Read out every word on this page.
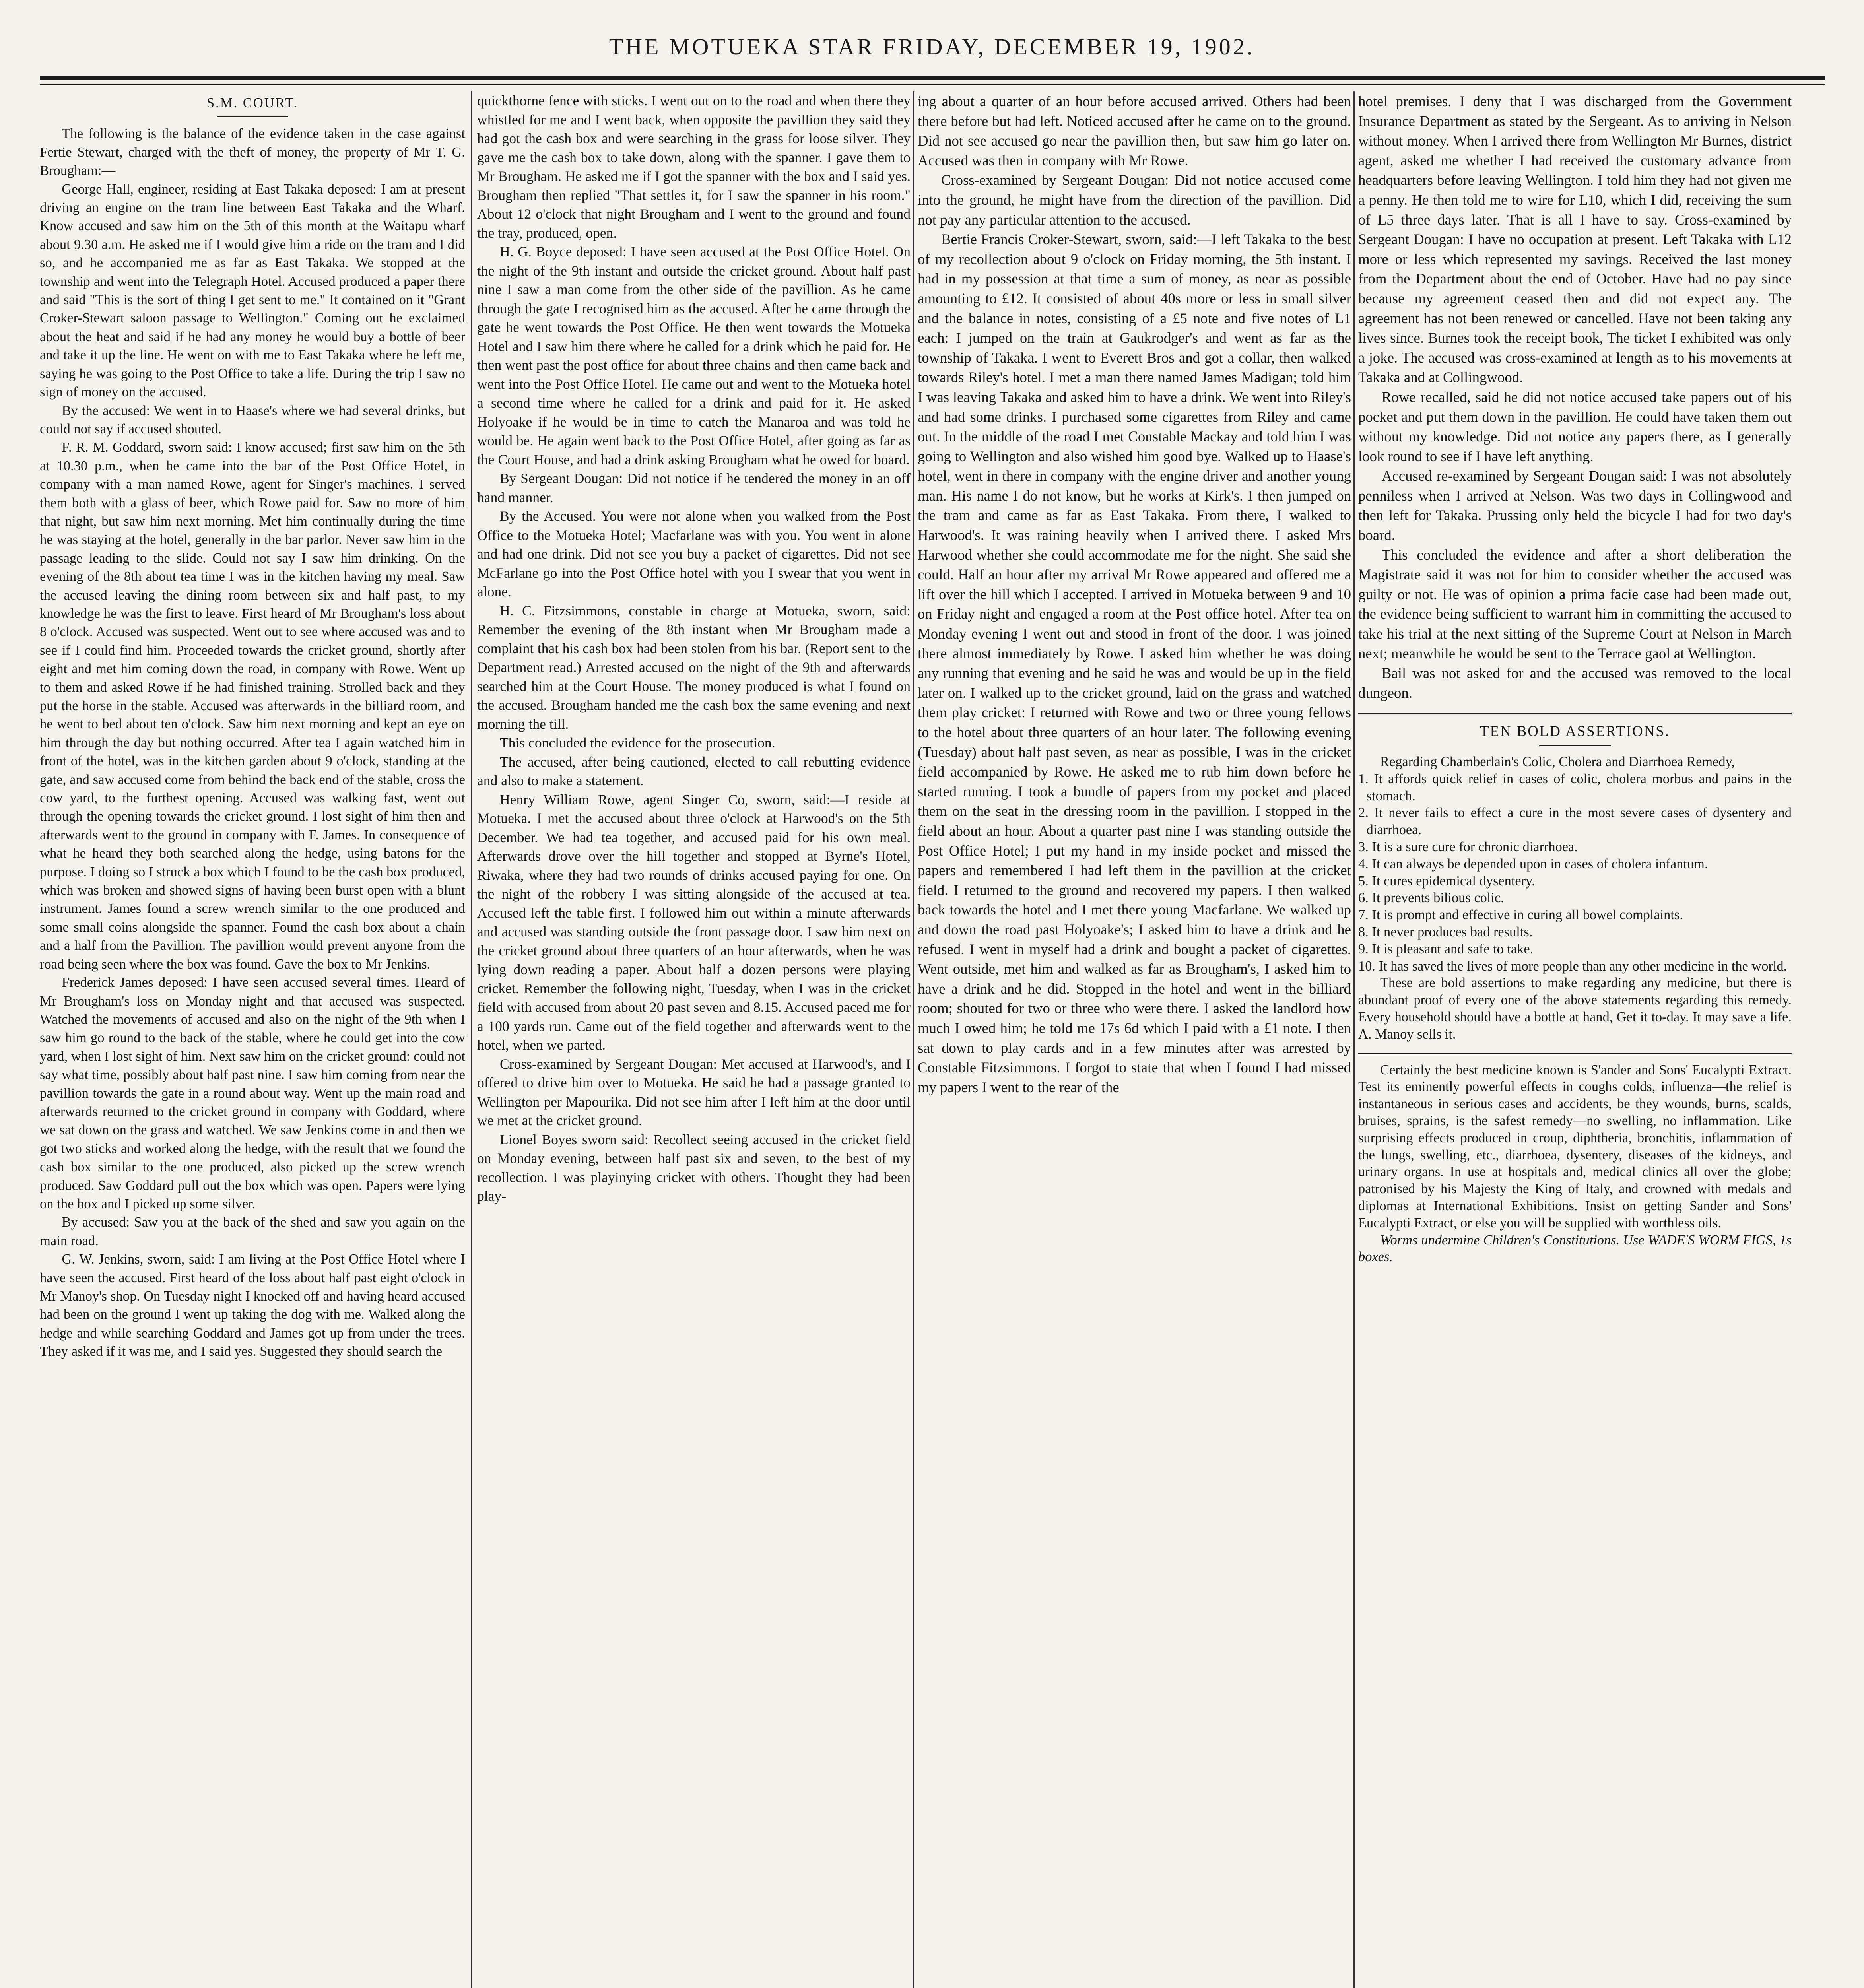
THE MOTUEKA STAR FRIDAY, DECEMBER 19, 1902.

S.M. COURT.

The following is the balance of the evidence taken in the case against Fertie Stewart, charged with the theft of money, the property of Mr T. G. Brougham:—

George Hall, engineer, residing at East Takaka deposed: I am at present driving an engine on the tram line between East Takaka and the Wharf. Know accused and saw him on the 5th of this month at the Waitapu wharf about 9.30 a.m. He asked me if I would give him a ride on the tram and I did so, and he accompanied me as far as East Takaka. We stopped at the township and went into the Telegraph Hotel. Accused produced a paper there and said "This is the sort of thing I get sent to me." It contained on it "Grant Croker-Stewart saloon passage to Wellington." Coming out he exclaimed about the heat and said if he had any money he would buy a bottle of beer and take it up the line. He went on with me to East Takaka where he left me, saying he was going to the Post Office to take a life. During the trip I saw no sign of money on the accused.

By the accused: We went in to Haase's where we had several drinks, but could not say if accused shouted.

F. R. M. Goddard, sworn said: I know accused; first saw him on the 5th at 10.30 p.m., when he came into the bar of the Post Office Hotel, in company with a man named Rowe, agent for Singer's machines. I served them both with a glass of beer, which Rowe paid for. Saw no more of him that night, but saw him next morning. Met him continually during the time he was staying at the hotel, generally in the bar parlor. Never saw him in the passage leading to the slide. Could not say I saw him drinking. On the evening of the 8th about tea time I was in the kitchen having my meal. Saw the accused leaving the dining room between six and half past, to my knowledge he was the first to leave. First heard of Mr Brougham's loss about 8 o'clock. Accused was suspected. Went out to see where accused was and to see if I could find him. Proceeded towards the cricket ground, shortly after eight and met him coming down the road, in company with Rowe. Went up to them and asked Rowe if he had finished training. Strolled back and they put the horse in the stable. Accused was afterwards in the billiard room, and he went to bed about ten o'clock. Saw him next morning and kept an eye on him through the day but nothing occurred. After tea I again watched him in front of the hotel, was in the kitchen garden about 9 o'clock, standing at the gate, and saw accused come from behind the back end of the stable, cross the cow yard, to the furthest opening. Accused was walking fast, went out through the opening towards the cricket ground. I lost sight of him then and afterwards went to the ground in company with F. James. In consequence of what he heard they both searched along the hedge, using batons for the purpose. I doing so I struck a box which I found to be the cash box produced, which was broken and showed signs of having been burst open with a blunt instrument. James found a screw wrench similar to the one produced and some small coins alongside the spanner. Found the cash box about a chain and a half from the Pavillion. The pavillion would prevent anyone from the road being seen where the box was found. Gave the box to Mr Jenkins.

Frederick James deposed: I have seen accused several times. Heard of Mr Brougham's loss on Monday night and that accused was suspected. Watched the movements of accused and also on the night of the 9th when I saw him go round to the back of the stable, where he could get into the cow yard, when I lost sight of him. Next saw him on the cricket ground: could not say what time, possibly about half past nine. I saw him coming from near the pavillion towards the gate in a round about way. Went up the main road and afterwards returned to the cricket ground in company with Goddard, where we sat down on the grass and watched. We saw Jenkins come in and then we got two sticks and worked along the hedge, with the result that we found the cash box similar to the one produced, also picked up the screw wrench produced. Saw Goddard pull out the box which was open. Papers were lying on the box and I picked up some silver.

By accused: Saw you at the back of the shed and saw you again on the main road.

G. W. Jenkins, sworn, said: I am living at the Post Office Hotel where I have seen the accused. First heard of the loss about half past eight o'clock in Mr Manoy's shop. On Tuesday night I knocked off and having heard accused had been on the ground I went up taking the dog with me. Walked along the hedge and while searching Goddard and James got up from under the trees. They asked if it was me, and I said yes. Suggested they should search the

quickthorne fence with sticks. I went out on to the road and when there they whistled for me and I went back, when opposite the pavillion they said they had got the cash box and were searching in the grass for loose silver. They gave me the cash box to take down, along with the spanner. I gave them to Mr Brougham. He asked me if I got the spanner with the box and I said yes. Brougham then replied "That settles it, for I saw the spanner in his room." About 12 o'clock that night Brougham and I went to the ground and found the tray, produced, open.

H. G. Boyce deposed: I have seen accused at the Post Office Hotel. On the night of the 9th instant and outside the cricket ground. About half past nine I saw a man come from the other side of the pavillion. As he came through the gate I recognised him as the accused. After he came through the gate he went towards the Post Office. He then went towards the Motueka Hotel and I saw him there where he called for a drink which he paid for. He then went past the post office for about three chains and then came back and went into the Post Office Hotel. He came out and went to the Motueka hotel a second time where he called for a drink and paid for it. He asked Holyoake if he would be in time to catch the Manaroa and was told he would be. He again went back to the Post Office Hotel, after going as far as the Court House, and had a drink asking Brougham what he owed for board.

By Sergeant Dougan: Did not notice if he tendered the money in an off hand manner.

By the Accused. You were not alone when you walked from the Post Office to the Motueka Hotel; Macfarlane was with you. You went in alone and had one drink. Did not see you buy a packet of cigarettes. Did not see McFarlane go into the Post Office hotel with you I swear that you went in alone.

H. C. Fitzsimmons, constable in charge at Motueka, sworn, said: Remember the evening of the 8th instant when Mr Brougham made a complaint that his cash box had been stolen from his bar. (Report sent to the Department read.) Arrested accused on the night of the 9th and afterwards searched him at the Court House. The money produced is what I found on the accused. Brougham handed me the cash box the same evening and next morning the till.

This concluded the evidence for the prosecution.

The accused, after being cautioned, elected to call rebutting evidence and also to make a statement.

Henry William Rowe, agent Singer Co, sworn, said:—I reside at Motueka. I met the accused about three o'clock at Harwood's on the 5th December. We had tea together, and accused paid for his own meal. Afterwards drove over the hill together and stopped at Byrne's Hotel, Riwaka, where they had two rounds of drinks accused paying for one. On the night of the robbery I was sitting alongside of the accused at tea. Accused left the table first. I followed him out within a minute afterwards and accused was standing outside the front passage door. I saw him next on the cricket ground about three quarters of an hour afterwards, when he was lying down reading a paper. About half a dozen persons were playing cricket. Remember the following night, Tuesday, when I was in the cricket field with accused from about 20 past seven and 8.15. Accused paced me for a 100 yards run. Came out of the field together and afterwards went to the hotel, when we parted.

Cross-examined by Sergeant Dougan: Met accused at Harwood's, and I offered to drive him over to Motueka. He said he had a passage granted to Wellington per Mapourika. Did not see him after I left him at the door until we met at the cricket ground.

Lionel Boyes sworn said: Recollect seeing accused in the cricket field on Monday evening, between half past six and seven, to the best of my recollection. I was playinying cricket with others. Thought they had been play-

ing about a quarter of an hour before accused arrived. Others had been there before but had left. Noticed accused after he came on to the ground. Did not see accused go near the pavillion then, but saw him go later on. Accused was then in company with Mr Rowe.

Cross-examined by Sergeant Dougan: Did not notice accused come into the ground, he might have from the direction of the pavillion. Did not pay any particular attention to the accused.

Bertie Francis Croker-Stewart, sworn, said:—I left Takaka to the best of my recollection about 9 o'clock on Friday morning, the 5th instant. I had in my possession at that time a sum of money, as near as possible amounting to £12. It consisted of about 40s more or less in small silver and the balance in notes, consisting of a £5 note and five notes of L1 each: I jumped on the train at Gaukrodger's and went as far as the township of Takaka. I went to Everett Bros and got a collar, then walked towards Riley's hotel. I met a man there named James Madigan; told him I was leaving Takaka and asked him to have a drink. We went into Riley's and had some drinks. I purchased some cigarettes from Riley and came out. In the middle of the road I met Constable Mackay and told him I was going to Wellington and also wished him good bye. Walked up to Haase's hotel, went in there in company with the engine driver and another young man. His name I do not know, but he works at Kirk's. I then jumped on the tram and came as far as East Takaka. From there, I walked to Harwood's. It was raining heavily when I arrived there. I asked Mrs Harwood whether she could accommodate me for the night. She said she could. Half an hour after my arrival Mr Rowe appeared and offered me a lift over the hill which I accepted. I arrived in Motueka between 9 and 10 on Friday night and engaged a room at the Post office hotel. After tea on Monday evening I went out and stood in front of the door. I was joined there almost immediately by Rowe. I asked him whether he was doing any running that evening and he said he was and would be up in the field later on. I walked up to the cricket ground, laid on the grass and watched them play cricket: I returned with Rowe and two or three young fellows to the hotel about three quarters of an hour later. The following evening (Tuesday) about half past seven, as near as possible, I was in the cricket field accompanied by Rowe. He asked me to rub him down before he started running. I took a bundle of papers from my pocket and placed them on the seat in the dressing room in the pavillion. I stopped in the field about an hour. About a quarter past nine I was standing outside the Post Office Hotel; I put my hand in my inside pocket and missed the papers and remembered I had left them in the pavillion at the cricket field. I returned to the ground and recovered my papers. I then walked back towards the hotel and I met there young Macfarlane. We walked up and down the road past Holyoake's; I asked him to have a drink and he refused. I went in myself had a drink and bought a packet of cigarettes. Went outside, met him and walked as far as Brougham's, I asked him to have a drink and he did. Stopped in the hotel and went in the billiard room; shouted for two or three who were there. I asked the landlord how much I owed him; he told me 17s 6d which I paid with a £1 note. I then sat down to play cards and in a few minutes after was arrested by Constable Fitzsimmons. I forgot to state that when I found I had missed my papers I went to the rear of the

hotel premises. I deny that I was discharged from the Government Insurance Department as stated by the Sergeant. As to arriving in Nelson without money. When I arrived there from Wellington Mr Burnes, district agent, asked me whether I had received the customary advance from headquarters before leaving Wellington. I told him they had not given me a penny. He then told me to wire for L10, which I did, receiving the sum of L5 three days later. That is all I have to say. Cross-examined by Sergeant Dougan: I have no occupation at present. Left Takaka with L12 more or less which represented my savings. Received the last money from the Department about the end of October. Have had no pay since because my agreement ceased then and did not expect any. The agreement has not been renewed or cancelled. Have not been taking any lives since. Burnes took the receipt book, The ticket I exhibited was only a joke. The accused was cross-examined at length as to his movements at Takaka and at Collingwood.

Rowe recalled, said he did not notice accused take papers out of his pocket and put them down in the pavillion. He could have taken them out without my knowledge. Did not notice any papers there, as I generally look round to see if I have left anything.

Accused re-examined by Sergeant Dougan said: I was not absolutely penniless when I arrived at Nelson. Was two days in Collingwood and then left for Takaka. Prussing only held the bicycle I had for two day's board.

This concluded the evidence and after a short deliberation the Magistrate said it was not for him to consider whether the accused was guilty or not. He was of opinion a prima facie case had been made out, the evidence being sufficient to warrant him in committing the accused to take his trial at the next sitting of the Supreme Court at Nelson in March next; meanwhile he would be sent to the Terrace gaol at Wellington.

Bail was not asked for and the accused was removed to the local dungeon.

TEN BOLD ASSERTIONS.

Regarding Chamberlain's Colic, Cholera and Diarrhoea Remedy,

1. It affords quick relief in cases of colic, cholera morbus and pains in the stomach.

2. It never fails to effect a cure in the most severe cases of dysentery and diarrhoea.

3. It is a sure cure for chronic diarrhoea.

4. It can always be depended upon in cases of cholera infantum.

5. It cures epidemical dysentery.

6. It prevents bilious colic.

7. It is prompt and effective in curing all bowel complaints.

8. It never produces bad results.

9. It is pleasant and safe to take.

10. It has saved the lives of more people than any other medicine in the world.

These are bold assertions to make regarding any medicine, but there is abundant proof of every one of the above statements regarding this remedy. Every household should have a bottle at hand, Get it to-day. It may save a life. A. Manoy sells it.

Certainly the best medicine known is S'ander and Sons' Eucalypti Extract. Test its eminently powerful effects in coughs colds, influenza—the relief is instantaneous in serious cases and accidents, be they wounds, burns, scalds, bruises, sprains, is the safest remedy—no swelling, no inflammation. Like surprising effects produced in croup, diphtheria, bronchitis, inflammation of the lungs, swelling, etc., diarrhoea, dysentery, diseases of the kidneys, and urinary organs. In use at hospitals and, medical clinics all over the globe; patronised by his Majesty the King of Italy, and crowned with medals and diplomas at International Exhibitions. Insist on getting Sander and Sons' Eucalypti Extract, or else you will be supplied with worthless oils.

Worms undermine Children's Constitutions. Use WADE'S WORM FIGS, 1s boxes.
